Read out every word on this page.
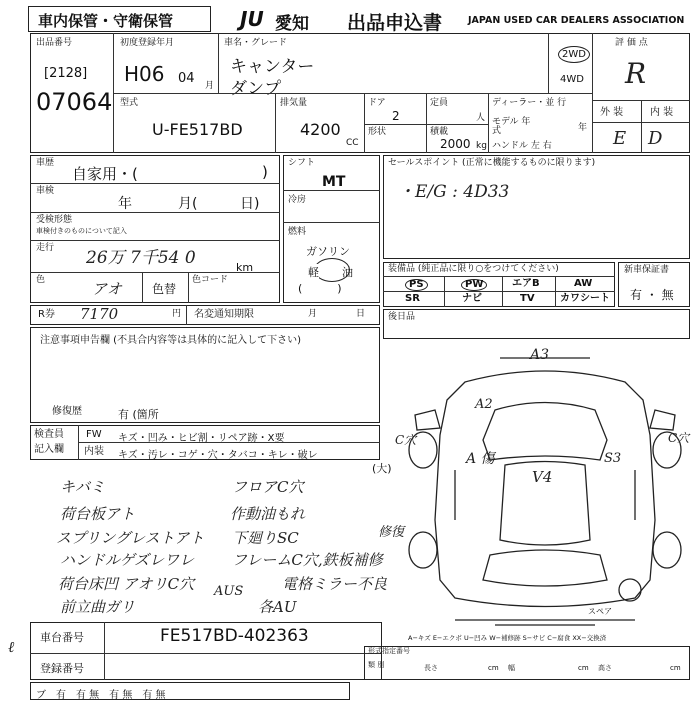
車内保管・守衛保管	JU 愛知 出品申込書	JAPAN USED CAR DEALERS ASSOCIATION
出品番号
[2128]
07064
初度登録年月
H06 04 月
車名・グレード
キャンター
ダンプ
2WD
4WD
評 価 点
R
外 装	内 装
E D
型式
U-FE517BD
排気量
4200
CC
ドア
2
形状
定員
人
積載
2000 kg
ディーラー・並 行
モデル 年式	年
ハンドル 左 右
車歴
自家用・(	)
車検
年	月(	日)
受検形態
車検付きのものについて記入
走行 26万 7千54 0	km
色	アオ	色替
色コード
シフト
MT
冷房
燃料
ガソリン
軽 油
(          )
セールスポイント (正常に機能するものに限ります)
・E/G : 4D33
装備品 (純正品に限り○をつけてください)
PS	PW	エアB	AW
SR	ナビ	TV	カワシート
新車保証書
有 ・ 無
R券 7170	円 名変通知期限	月	日	後日品
注意事項申告欄 (不具合内容等は具体的に記入して下さい)
修復歴	有 (箇所
検査員
記入欄
FW キズ・凹み・ヒビ割・リペア跡・X要
内装 キズ・汚レ・コゲ・穴・タバコ・キレ・破レ
(大)
キバミ
荷台板アト
スプリングレストアト
ハンドルゲズレワレ
荷台床凹 アオリC穴
前立曲ガリ
フロアC穴
作動油もれ
下廻りSC
フレームC穴,鉄板補修
電格ミラー不良
各AU
修復
AUS
A3
A2
C穴	C穴
V4
A 傷	S3
スペア
A−キズ E−エクボ U−凹み W−補修跡 S−サビ C−腐食 XX−交換済
ℓ
車台番号	FE517BD-402363
登録番号
形式指定番号
類 別	長さ	cm 幅	cm 高さ	cm
ブ　有　有 無　有 無　有 無
